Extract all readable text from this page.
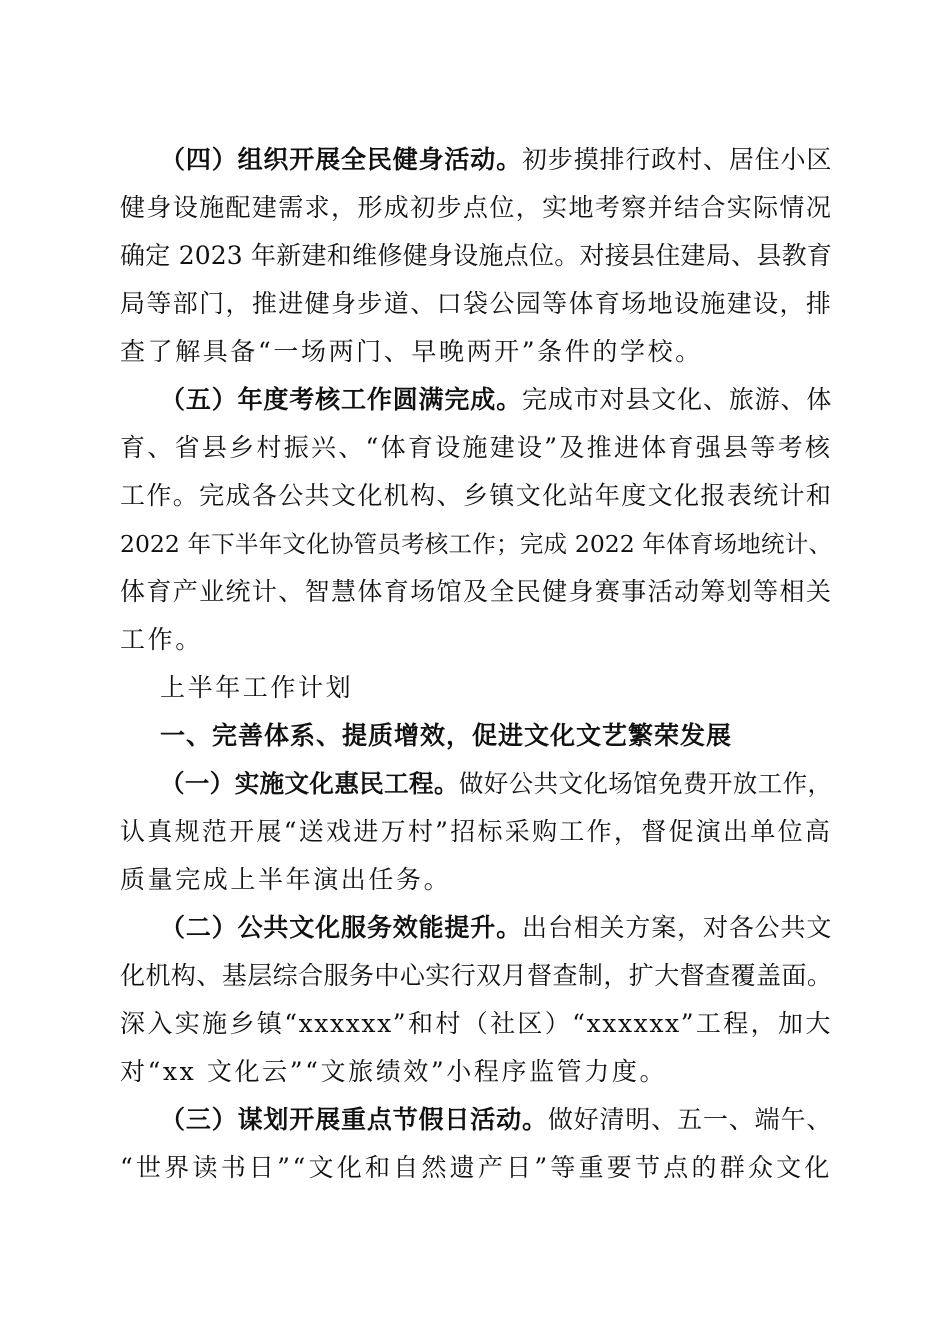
（四）组织开展全民健身活动。初步摸排行政村、居住小区
健身设施配建需求，形成初步点位，实地考察并结合实际情况
确定 2023 年新建和维修健身设施点位。对接县住建局、县教育
局等部门，推进健身步道、口袋公园等体育场地设施建设，排
查了解具备“一场两门、早晚两开”条件的学校。
（五）年度考核工作圆满完成。完成市对县文化、旅游、体
育、省县乡村振兴、“体育设施建设”及推进体育强县等考核
工作。完成各公共文化机构、乡镇文化站年度文化报表统计和
2022 年下半年文化协管员考核工作；完成 2022 年体育场地统计、
体育产业统计、智慧体育场馆及全民健身赛事活动筹划等相关
工作。
上半年工作计划
一、完善体系、提质增效，促进文化文艺繁荣发展
（一）实施文化惠民工程。做好公共文化场馆免费开放工作，
认真规范开展“送戏进万村”招标采购工作，督促演出单位高
质量完成上半年演出任务。
（二）公共文化服务效能提升。出台相关方案，对各公共文
化机构、基层综合服务中心实行双月督查制，扩大督查覆盖面。
深入实施乡镇“xxxxxx”和村（社区）“xxxxxx”工程，加大
对“xx 文化云”“文旅绩效”小程序监管力度。
（三）谋划开展重点节假日活动。做好清明、五一、端午、
“世界读书日”“文化和自然遗产日”等重要节点的群众文化
